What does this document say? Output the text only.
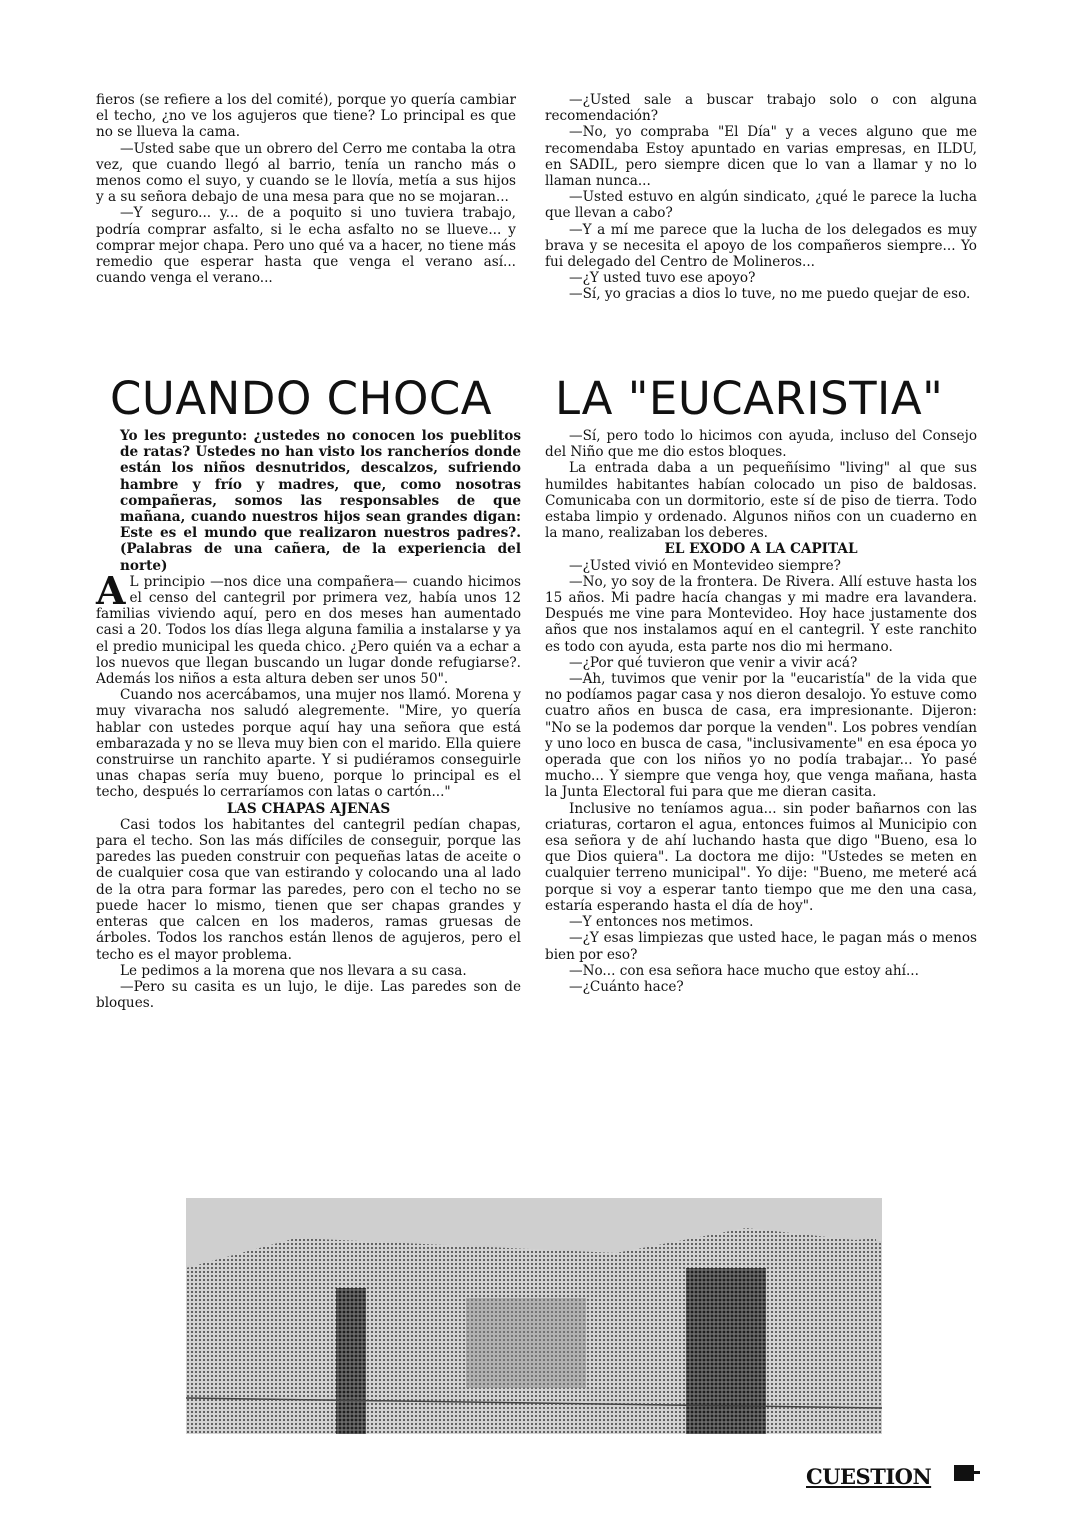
fieros (se refiere a los del comité), porque yo quería cambiar el techo, ¿no ve los agujeros que tiene? Lo principal es que no se llueva la cama.

—Usted sabe que un obrero del Cerro me contaba la otra vez, que cuando llegó al barrio, tenía un rancho más o menos como el suyo, y cuando se le llovía, metía a sus hijos y a su señora debajo de una mesa para que no se mojaran...

—Y seguro... y... de a poquito si uno tuviera trabajo, podría comprar asfalto, si le echa asfalto no se llueve... y comprar mejor chapa. Pero uno qué va a hacer, no tiene más remedio que esperar hasta que venga el verano así... cuando venga el verano...

—¿Usted sale a buscar trabajo solo o con alguna recomendación?

—No, yo compraba "El Día" y a veces alguno que me recomendaba Estoy apuntado en varias empresas, en ILDU, en SADIL, pero siempre dicen que lo van a llamar y no lo llaman nunca...

—Usted estuvo en algún sindicato, ¿qué le parece la lucha que llevan a cabo?

—Y a mí me parece que la lucha de los delegados es muy brava y se necesita el apoyo de los compañeros siempre... Yo fui delegado del Centro de Molineros...

—¿Y usted tuvo ese apoyo?

—Sí, yo gracias a dios lo tuve, no me puedo quejar de eso.

CUANDO CHOCA LA "EUCARISTIA"

Yo les pregunto: ¿ustedes no conocen los pueblitos de ratas? Ustedes no han visto los rancheríos donde están los niños desnutridos, descalzos, sufriendo hambre y frío y madres, que, como nosotras compañeras, somos las responsables de que mañana, cuando nuestros hijos sean grandes digan: Este es el mundo que realizaron nuestros padres?. (Palabras de una cañera, de la experiencia del norte)

A L principio —nos dice una compañera— cuando hicimos el censo del cantegril por primera vez, había unos 12 familias viviendo aquí, pero en dos meses han aumentado casi a 20. Todos los días llega alguna familia a instalarse y ya el predio municipal les queda chico. ¿Pero quién va a echar a los nuevos que llegan buscando un lugar donde refugiarse?. Además los niños a esta altura deben ser unos 50".

Cuando nos acercábamos, una mujer nos llamó. Morena y muy vivaracha nos saludó alegremente. "Mire, yo quería hablar con ustedes porque aquí hay una señora que está embarazada y no se lleva muy bien con el marido. Ella quiere construirse un ranchito aparte. Y si pudiéramos conseguirle unas chapas sería muy bueno, porque lo principal es el techo, después lo cerraríamos con latas o cartón..."

LAS CHAPAS AJENAS

Casi todos los habitantes del cantegril pedían chapas, para el techo. Son las más difíciles de conseguir, porque las paredes las pueden construir con pequeñas latas de aceite o de cualquier cosa que van estirando y colocando una al lado de la otra para formar las paredes, pero con el techo no se puede hacer lo mismo, tienen que ser chapas grandes y enteras que calcen en los maderos, ramas gruesas de árboles. Todos los ranchos están llenos de agujeros, pero el techo es el mayor problema.

Le pedimos a la morena que nos llevara a su casa.

—Pero su casita es un lujo, le dije. Las paredes son de bloques.

—Sí, pero todo lo hicimos con ayuda, incluso del Consejo del Niño que me dio estos bloques.

La entrada daba a un pequeñísimo "living" al que sus humildes habitantes habían colocado un piso de baldosas. Comunicaba con un dormitorio, este sí de piso de tierra. Todo estaba limpio y ordenado. Algunos niños con un cuaderno en la mano, realizaban los deberes.

EL EXODO A LA CAPITAL

—¿Usted vivió en Montevideo siempre?

—No, yo soy de la frontera. De Rivera. Allí estuve hasta los 15 años. Mi padre hacía changas y mi madre era lavandera. Después me vine para Montevideo. Hoy hace justamente dos años que nos instalamos aquí en el cantegril. Y este ranchito es todo con ayuda, esta parte nos dio mi hermano.

—¿Por qué tuvieron que venir a vivir acá?

—Ah, tuvimos que venir por la "eucaristía" de la vida que no podíamos pagar casa y nos dieron desalojo. Yo estuve como cuatro años en busca de casa, era impresionante. Dijeron: "No se la podemos dar porque la venden". Los pobres vendían y uno loco en busca de casa, "inclusivamente" en esa época yo operada que con los niños yo no podía trabajar... Yo pasé mucho... Y siempre que venga hoy, que venga mañana, hasta la Junta Electoral fui para que me dieran casita.

Inclusive no teníamos agua... sin poder bañarnos con las criaturas, cortaron el agua, entonces fuimos al Municipio con esa señora y de ahí luchando hasta que digo "Bueno, esa lo que Dios quiera". La doctora me dijo: "Ustedes se meten en cualquier terreno municipal". Yo dije: "Bueno, me meteré acá porque si voy a esperar tanto tiempo que me den una casa, estaría esperando hasta el día de hoy".

—Y entonces nos metimos.

—¿Y esas limpiezas que usted hace, le pagan más o menos bien por eso?

—No... con esa señora hace mucho que estoy ahí...

—¿Cuánto hace?

CUESTION
